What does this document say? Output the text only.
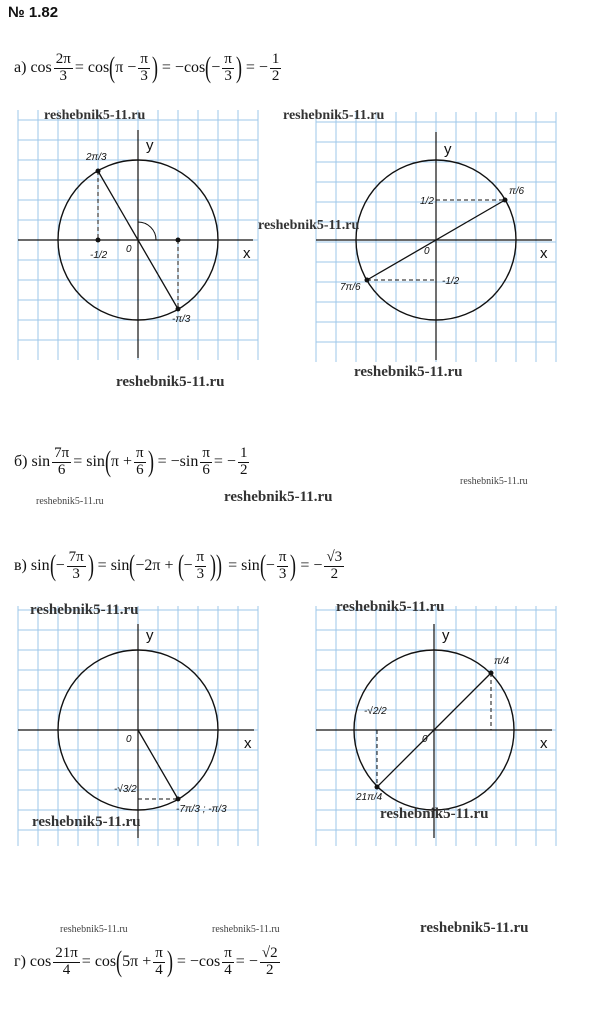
№ 1.82
а)
$\cos \frac{2\pi}{3}$ =
cos ( $\pi - \frac{\pi}{3}$ )
= −cos ( − $\frac{\pi}{3}$ )
= − $\frac{1}{2}$
x
y
0
2π/3
-π/3
-1/2	x
y
0
π/6
7π/6
1/2
-1/2
reshebnik5-11.ru	reshebnik5-11.ru
reshebnik5-11.ru
reshebnik5-11.ru
reshebnik5-11.ru
б)
$\sin \frac{7\pi}{6}$ =
sin ( $\pi + \frac{\pi}{6}$ )
= $-\sin \frac{\pi}{6}$ = − $\frac{1}{2}$
reshebnik5-11.ru
reshebnik5-11.ru
reshebnik5-11.ru
в)
sin ( − $\frac{7\pi}{3}$ )
=
sin ( −2π +
( − $\frac{\pi}{3}$ ))
=
sin ( − $\frac{\pi}{3}$ )
= − $\frac{√3}{2}$
x
y
0
-7π/3 ; -π/3
-√3/2
x
y
0
π/4
21π/4
-√2/2
reshebnik5-11.ru	reshebnik5-11.ru
reshebnik5-11.ru	reshebnik5-11.ru
reshebnik5-11.ru	reshebnik5-11.ru	reshebnik5-11.ru
г)
$\cos \frac{21\pi}{4}$ =
cos ( $5\pi + \frac{\pi}{4}$ )
= $-\cos \frac{\pi}{4}$ = − $\frac{√2}{2}$
